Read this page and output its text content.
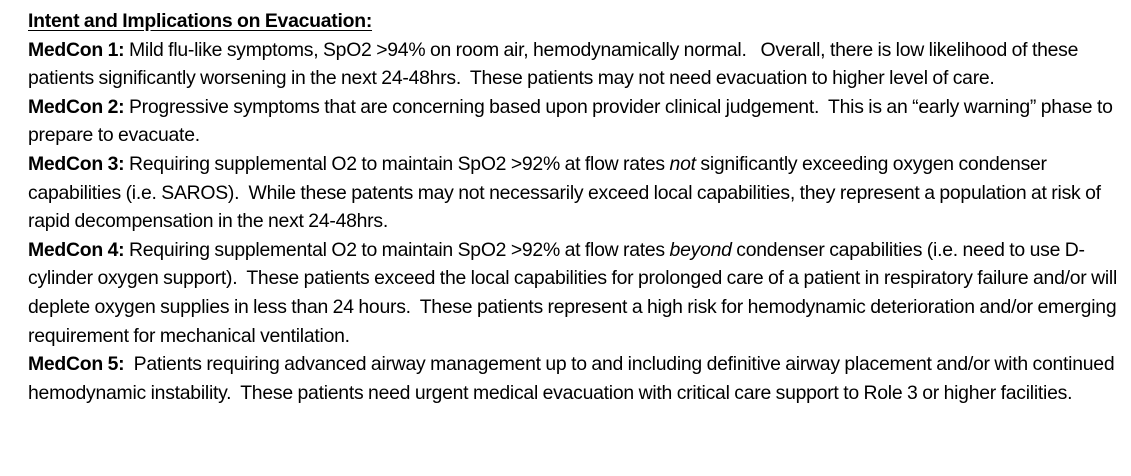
Intent and Implications on Evacuation:

MedCon 1: Mild flu-like symptoms, SpO2 >94% on room air, hemodynamically normal.   Overall, there is low likelihood of these patients significantly worsening in the next 24-48hrs.  These patients may not need evacuation to higher level of care.

MedCon 2: Progressive symptoms that are concerning based upon provider clinical judgement.  This is an “early warning” phase to prepare to evacuate.

MedCon 3: Requiring supplemental O2 to maintain SpO2 >92% at flow rates not significantly exceeding oxygen condenser capabilities (i.e. SAROS).  While these patents may not necessarily exceed local capabilities, they represent a population at risk of rapid decompensation in the next 24-48hrs.

MedCon 4: Requiring supplemental O2 to maintain SpO2 >92% at flow rates beyond condenser capabilities (i.e. need to use D-cylinder oxygen support).  These patients exceed the local capabilities for prolonged care of a patient in respiratory failure and/or will deplete oxygen supplies in less than 24 hours.  These patients represent a high risk for hemodynamic deterioration and/or emerging requirement for mechanical ventilation.

MedCon 5:  Patients requiring advanced airway management up to and including definitive airway placement and/or with continued hemodynamic instability.  These patients need urgent medical evacuation with critical care support to Role 3 or higher facilities.
